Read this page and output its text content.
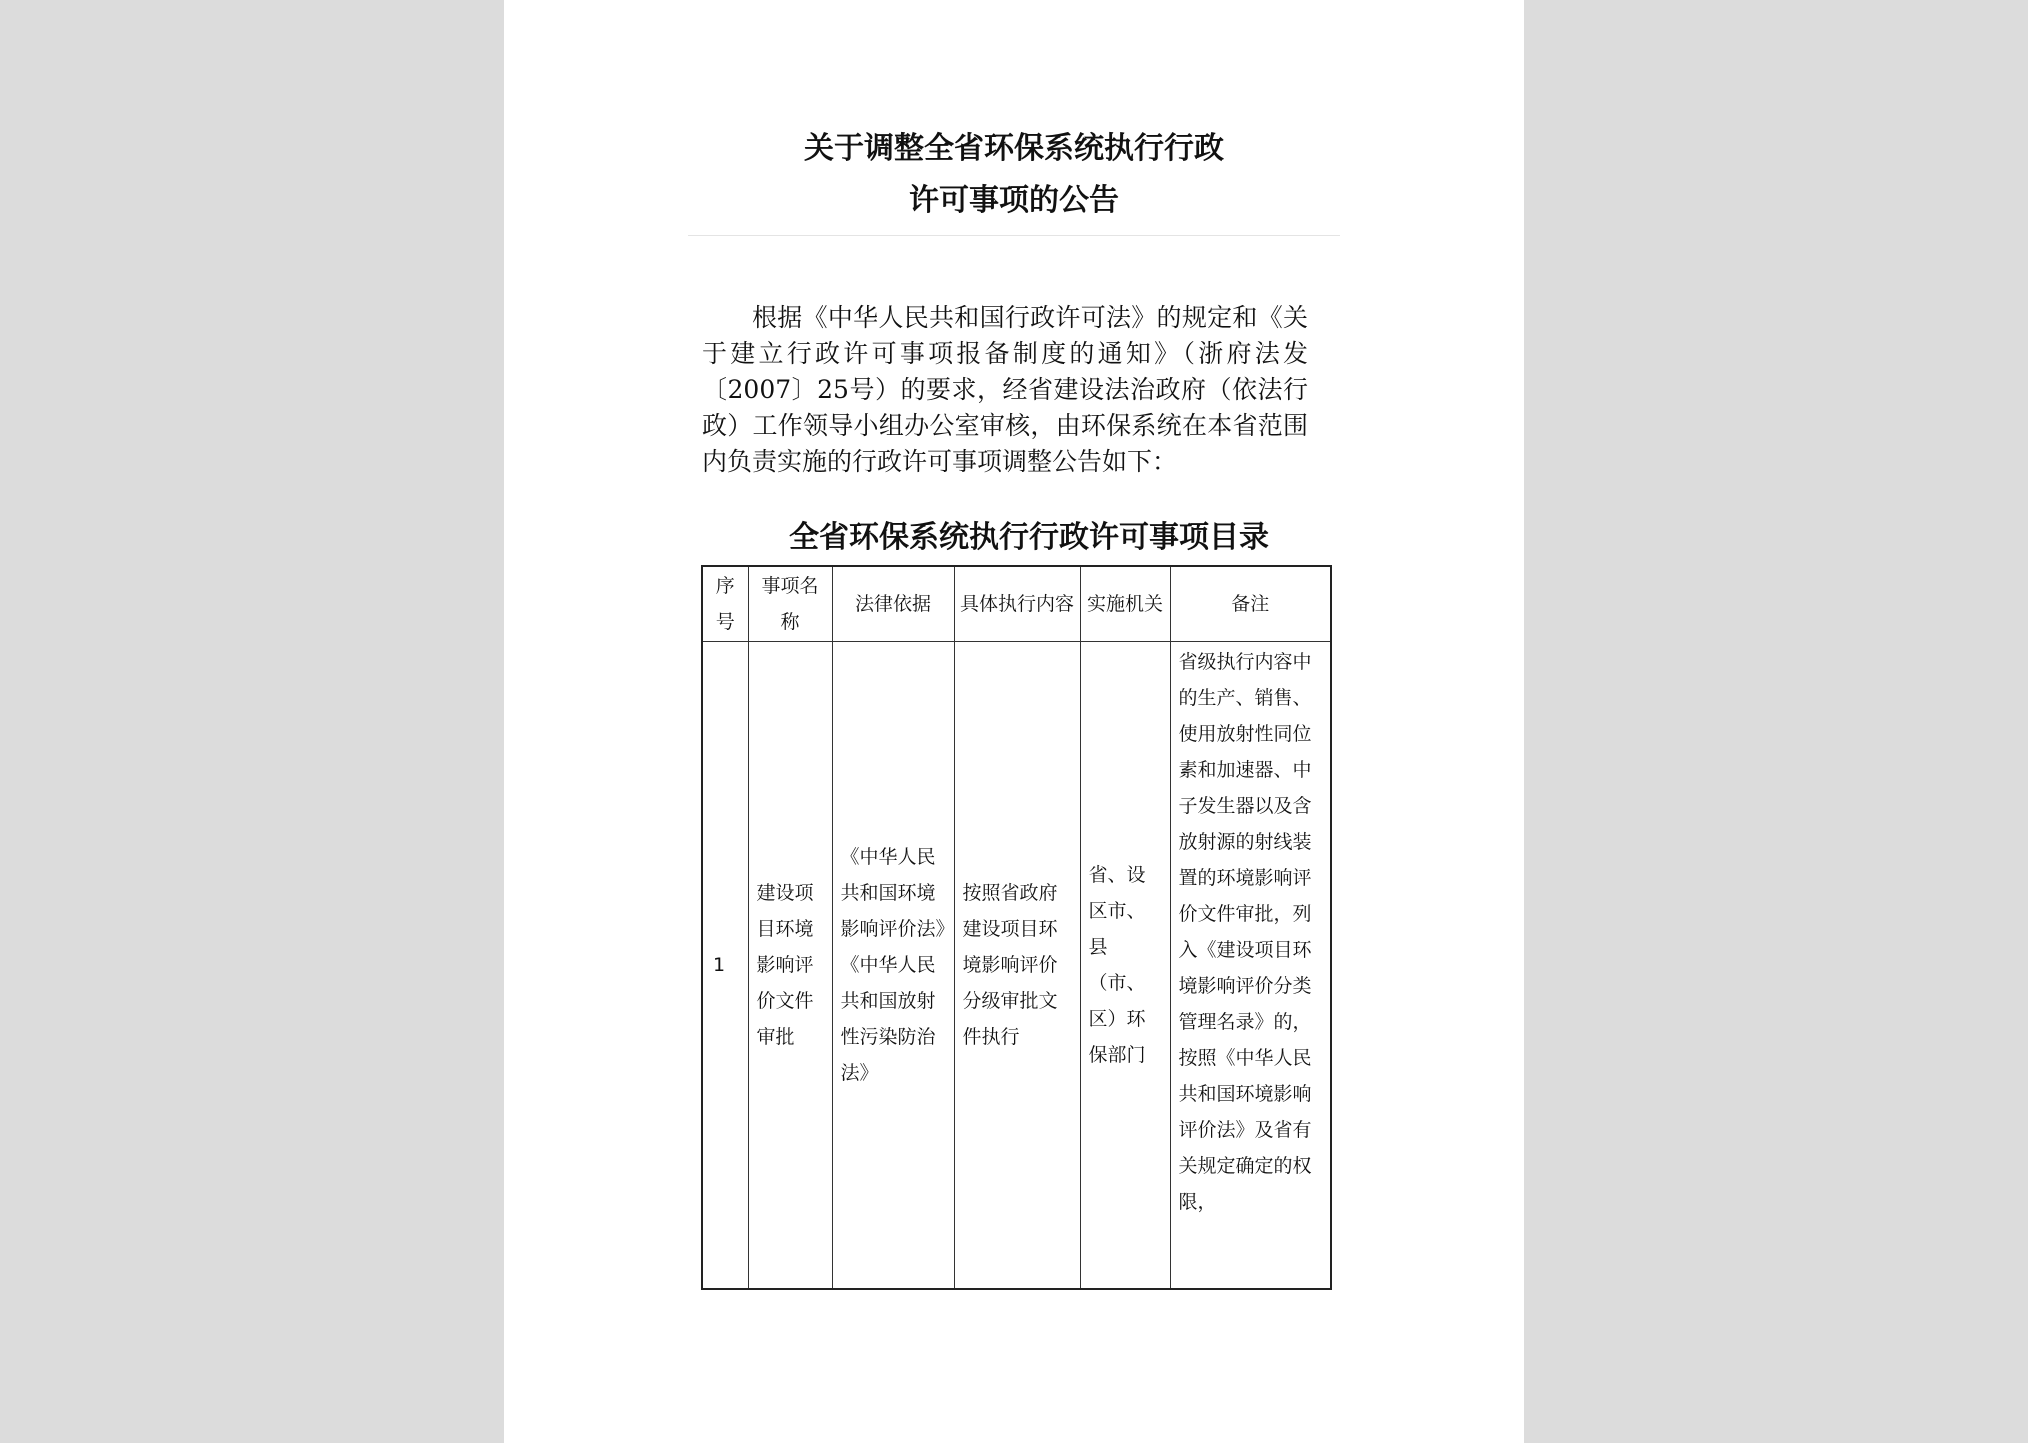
关于调整全省环保系统执行行政
许可事项的公告
根据《中华人民共和国行政许可法》的规定和《关于建立行政许可事项报备制度的通知》（浙府法发〔2007〕25号）的要求，经省建设法治政府（依法行政）工作领导小组办公室审核，由环保系统在本省范围内负责实施的行政许可事项调整公告如下：
全省环保系统执行行政许可事项目录
序号	事项名称	法律依据	具体执行内容	实施机关	备注
1	建设项目环境影响评价文件审批	《中华人民共和国环境影响评价法》《中华人民共和国放射性污染防治法》	按照省政府建设项目环境影响评价分级审批文件执行	省、设区市、县（市、区）环保部门	省级执行内容中的生产、销售、使用放射性同位素和加速器、中子发生器以及含放射源的射线装置的环境影响评价文件审批，列入《建设项目环境影响评价分类管理名录》的，按照《中华人民共和国环境影响评价法》及省有关规定确定的权限，
